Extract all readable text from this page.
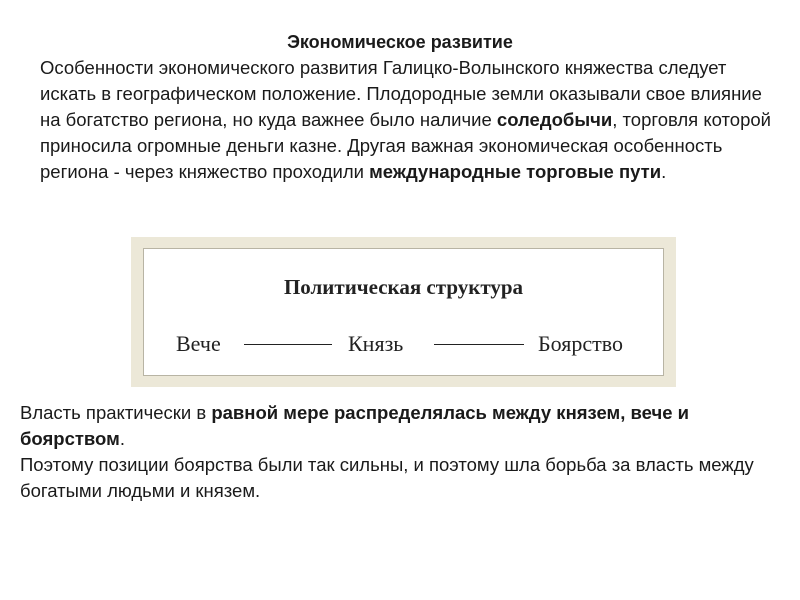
Экономическое развитие
Особенности экономического развития Галицко-Волынского княжества следует искать в географическом положение. Плодородные земли оказывали свое влияние на богатство региона, но куда важнее было наличие соледобычи, торговля которой приносила огромные деньги казне. Другая важная экономическая особенность региона - через княжество проходили международные торговые пути.
Политическая структура
Вече	Князь	Боярство
Власть практически в равной мере распределялась между князем, вече и боярством.
Поэтому позиции боярства были так сильны, и поэтому шла борьба за власть между богатыми людьми и князем.
